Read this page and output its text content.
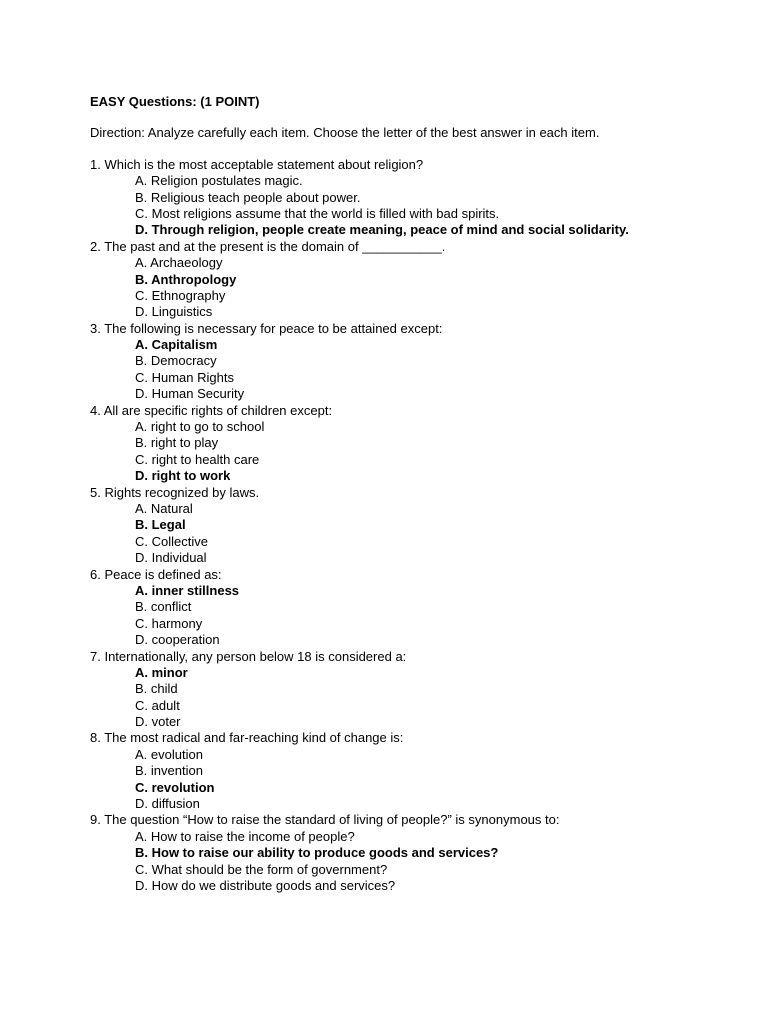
EASY Questions: (1 POINT)
Direction: Analyze carefully each item. Choose the letter of the best answer in each item.
1. Which is the most acceptable statement about religion?
A. Religion postulates magic.
B. Religious teach people about power.
C. Most religions assume that the world is filled with bad spirits.
D. Through religion, people create meaning, peace of mind and social solidarity.
2. The past and at the present is the domain of ___________.
A. Archaeology
B. Anthropology
C. Ethnography
D. Linguistics
3. The following is necessary for peace to be attained except:
A. Capitalism
B. Democracy
C. Human Rights
D. Human Security
4. All are specific rights of children except:
A. right to go to school
B. right to play
C. right to health care
D. right to work
5. Rights recognized by laws.
A. Natural
B. Legal
C. Collective
D. Individual
6. Peace is defined as:
A. inner stillness
B. conflict
C. harmony
D. cooperation
7. Internationally, any person below 18 is considered a:
A. minor
B. child
C. adult
D. voter
8. The most radical and far-reaching kind of change is:
A. evolution
B. invention
C. revolution
D. diffusion
9. The question “How to raise the standard of living of people?” is synonymous to:
A. How to raise the income of people?
B. How to raise our ability to produce goods and services?
C. What should be the form of government?
D. How do we distribute goods and services?
